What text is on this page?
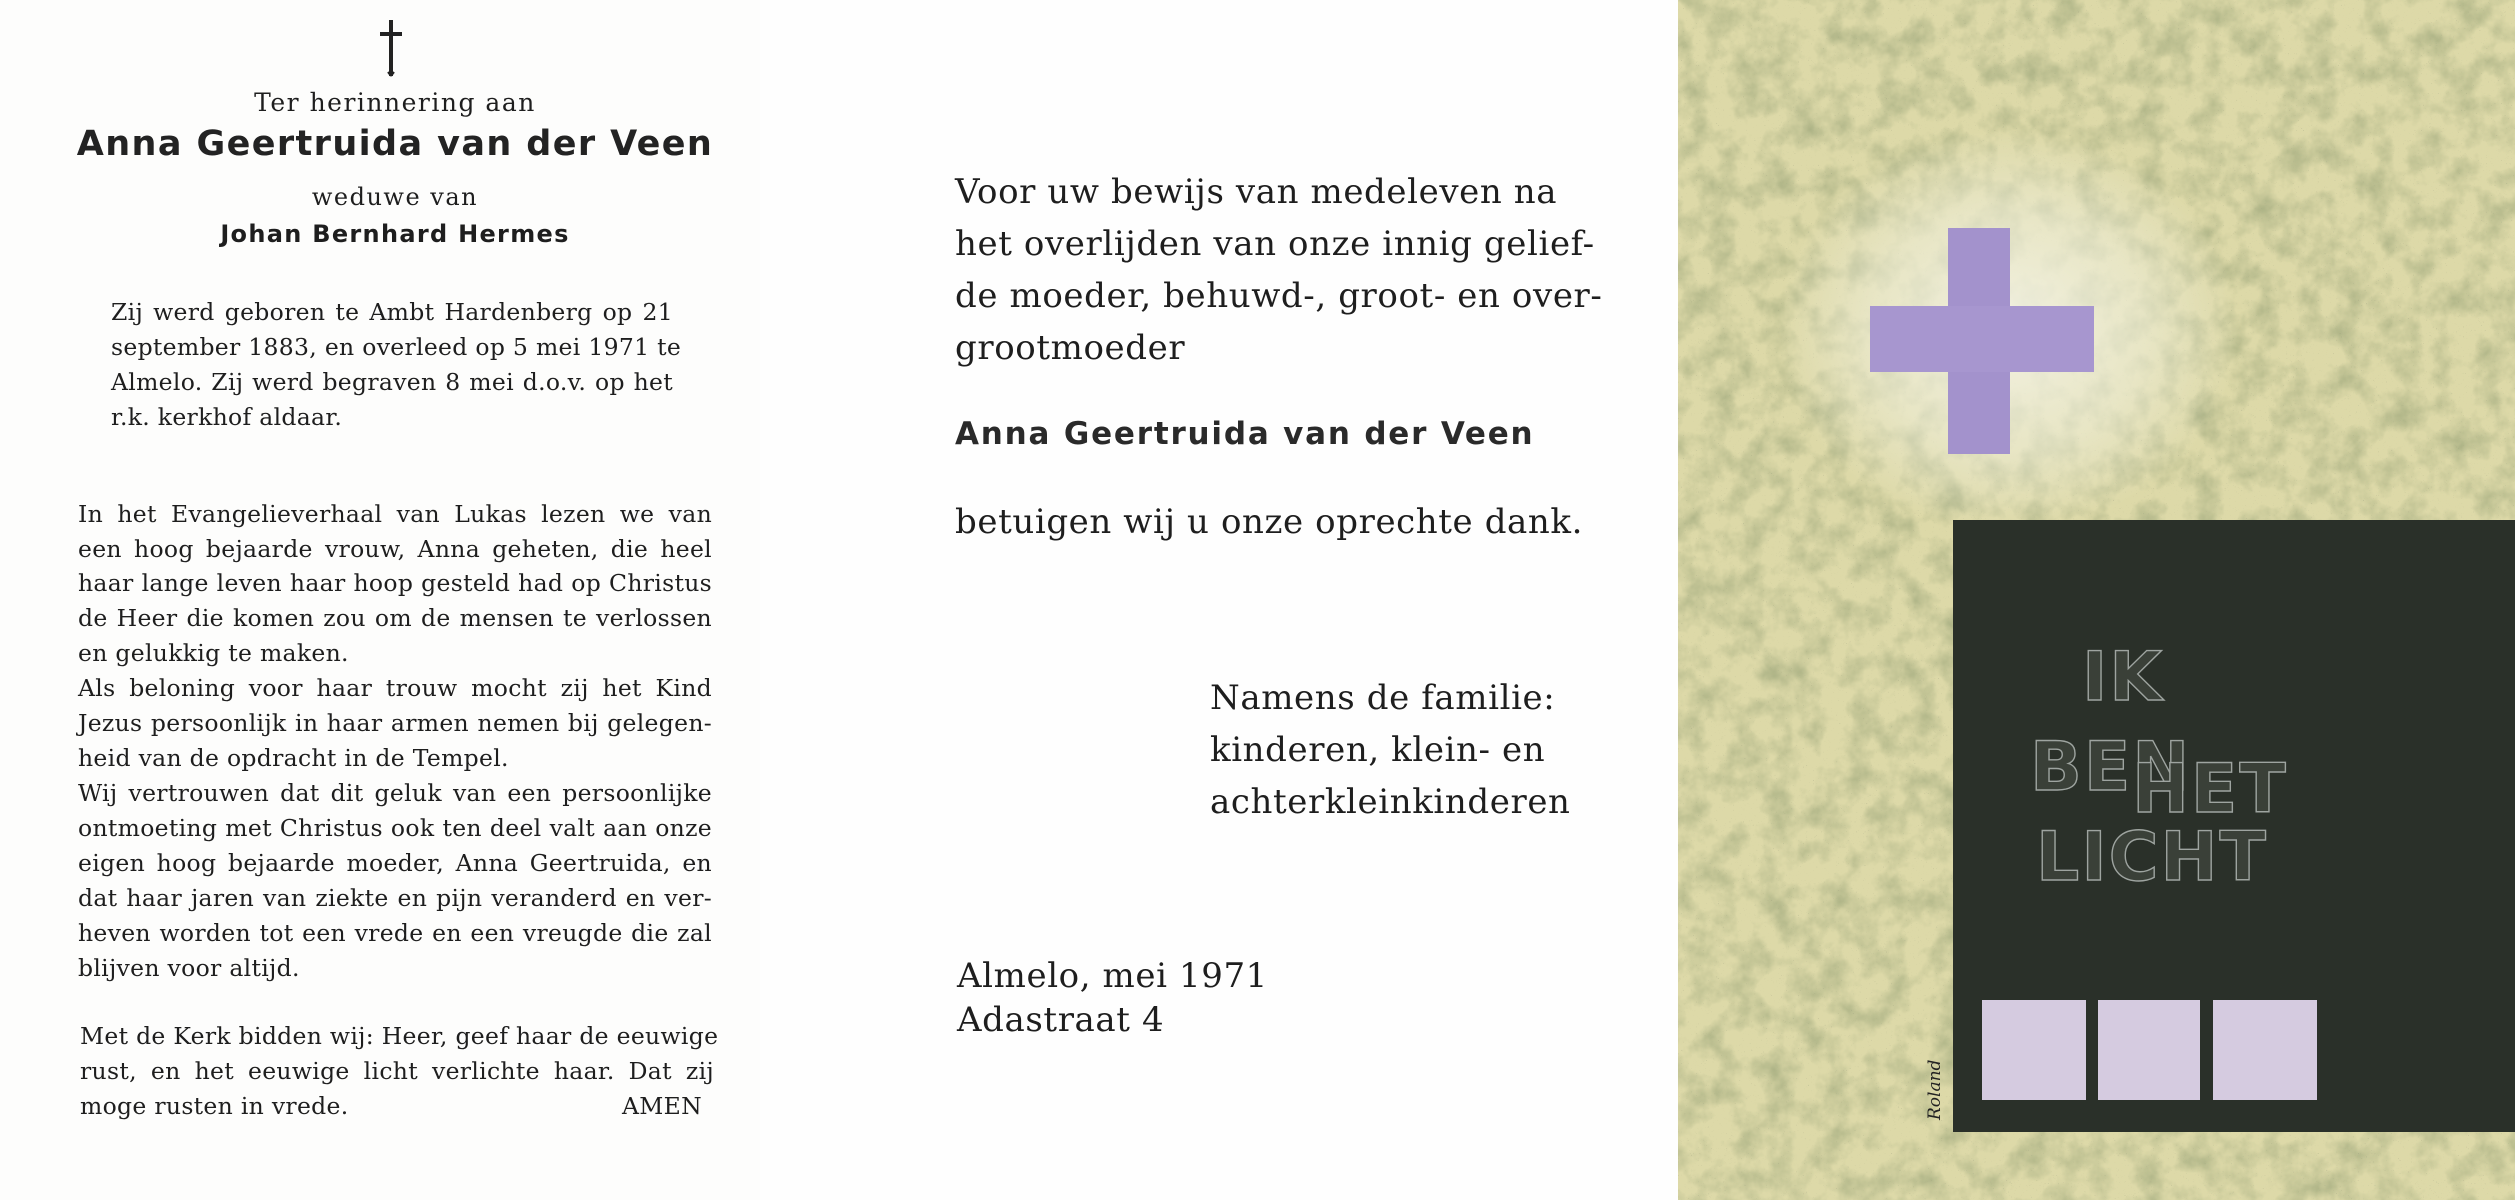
Ter herinnering aan
Anna Geertruida van der Veen
weduwe van
Johan Bernhard Hermes
Zij werd geboren te Ambt Hardenberg op 21
september 1883, en overleed op 5 mei 1971 te
Almelo. Zij werd begraven 8 mei d.o.v. op het
r.k. kerkhof aldaar.
In het Evangelieverhaal van Lukas lezen we van
een hoog bejaarde vrouw, Anna geheten, die heel
haar lange leven haar hoop gesteld had op Christus
de Heer die komen zou om de mensen te verlossen
en gelukkig te maken.
Als beloning voor haar trouw mocht zij het Kind
Jezus persoonlijk in haar armen nemen bij gelegen-
heid van de opdracht in de Tempel.
Wij vertrouwen dat dit geluk van een persoonlijke
ontmoeting met Christus ook ten deel valt aan onze
eigen hoog bejaarde moeder, Anna Geertruida, en
dat haar jaren van ziekte en pijn veranderd en ver-
heven worden tot een vrede en een vreugde die zal
blijven voor altijd.
Met de Kerk bidden wij: Heer, geef haar de eeuwige
rust, en het eeuwige licht verlichte haar. Dat zij
moge rusten in vrede.	AMEN
Voor uw bewijs van medeleven na
het overlijden van onze innig gelief-
de moeder, behuwd-, groot- en over-
grootmoeder
Anna Geertruida van der Veen
betuigen wij u onze oprechte dank.
Namens de familie:
kinderen, klein- en
achterkleinkinderen
Almelo, mei 1971
Adastraat 4
IK
BEN
HET
LICHT
Roland
